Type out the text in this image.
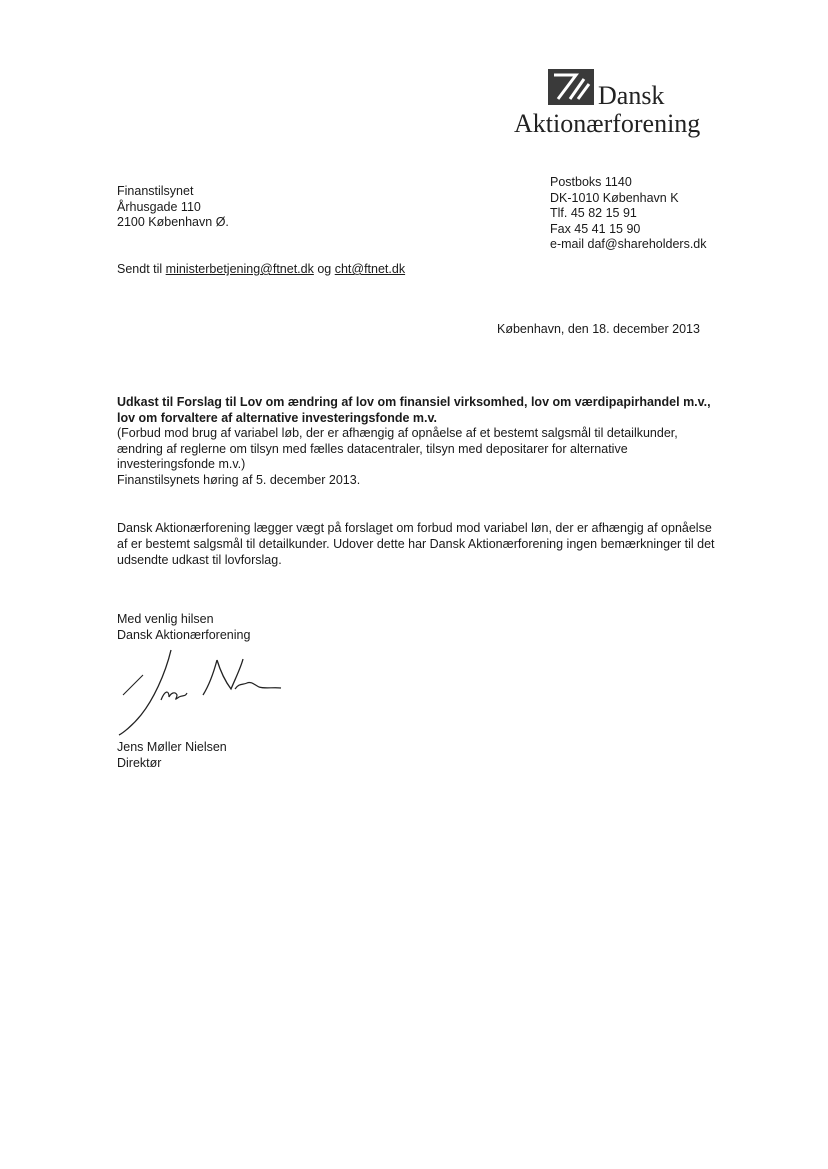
Dansk
Aktionærforening
Finanstilsynet
Århusgade 110
2100 København Ø.
Postboks 1140
DK-1010 København K
Tlf. 45 82 15 91
Fax 45 41 15 90
e-mail daf@shareholders.dk
Sendt til ministerbetjening@ftnet.dk og cht@ftnet.dk
København, den 18. december 2013
Udkast til Forslag til Lov om ændring af lov om finansiel virksomhed, lov om værdipapirhandel m.v., lov om forvaltere af alternative investeringsfonde m.v.
(Forbud mod brug af variabel løb, der er afhængig af opnåelse af et bestemt salgsmål til detailkunder, ændring af reglerne om tilsyn med fælles datacentraler, tilsyn med depositarer for alternative investeringsfonde m.v.)
Finanstilsynets høring af 5. december 2013.
Dansk Aktionærforening lægger vægt på forslaget om forbud mod variabel løn, der er afhængig af opnåelse af er bestemt salgsmål til detailkunder. Udover dette har Dansk Aktionærforening ingen bemærkninger til det udsendte udkast til lovforslag.
Med venlig hilsen
Dansk Aktionærforening
Jens Møller Nielsen
Direktør
